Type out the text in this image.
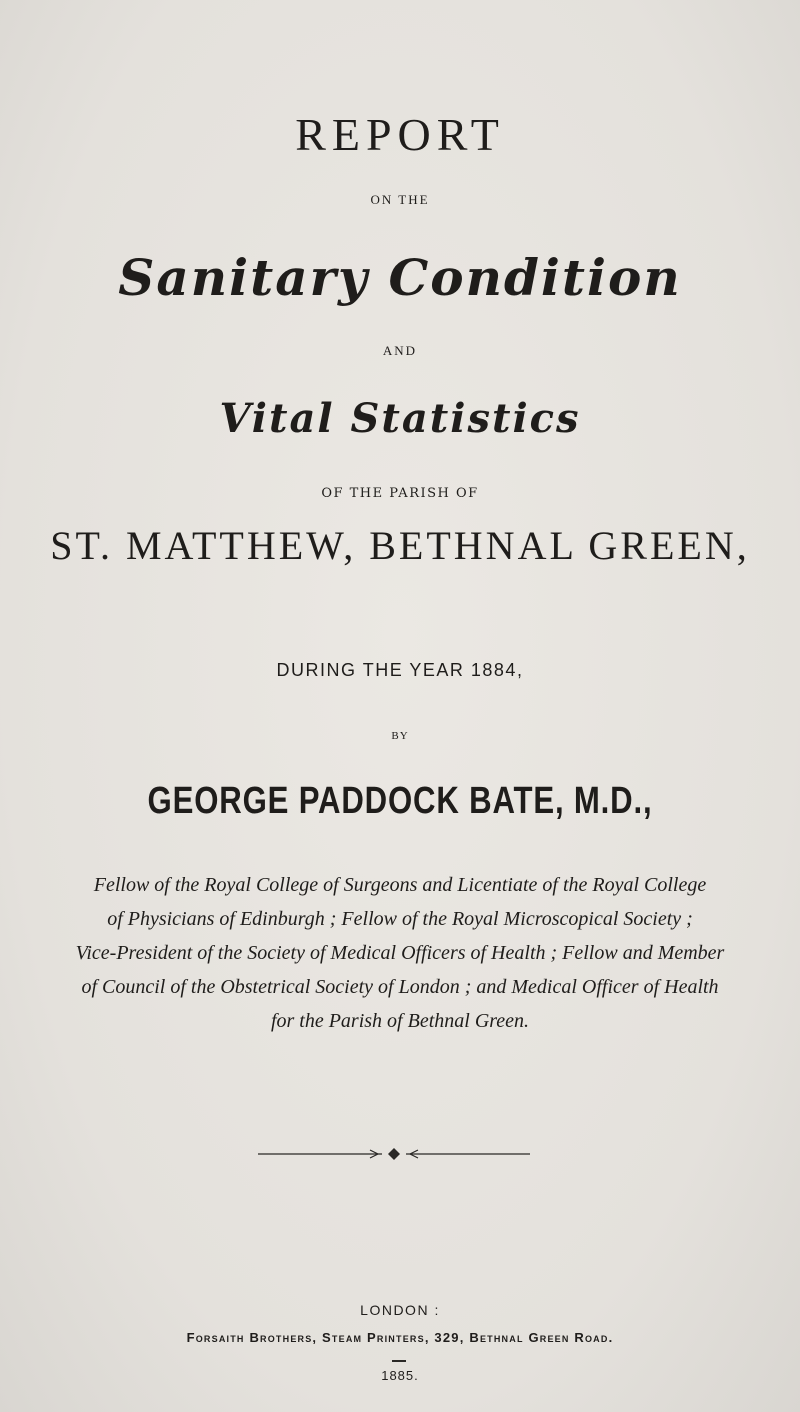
REPORT
ON THE
Sanitary Condition
AND
Vital Statistics
OF THE PARISH OF
ST. MATTHEW, BETHNAL GREEN,
DURING THE YEAR 1884,
BY
GEORGE PADDOCK BATE, M.D.,
Fellow of the Royal College of Surgeons and Licentiate of the Royal College
of Physicians of Edinburgh ; Fellow of the Royal Microscopical Society ;
Vice-President of the Society of Medical Officers of Health ; Fellow and Member
of Council of the Obstetrical Society of London ; and Medical Officer of Health
for the Parish of Bethnal Green.
LONDON :
Forsaith Brothers, Steam Printers, 329, Bethnal Green Road.
1885.
